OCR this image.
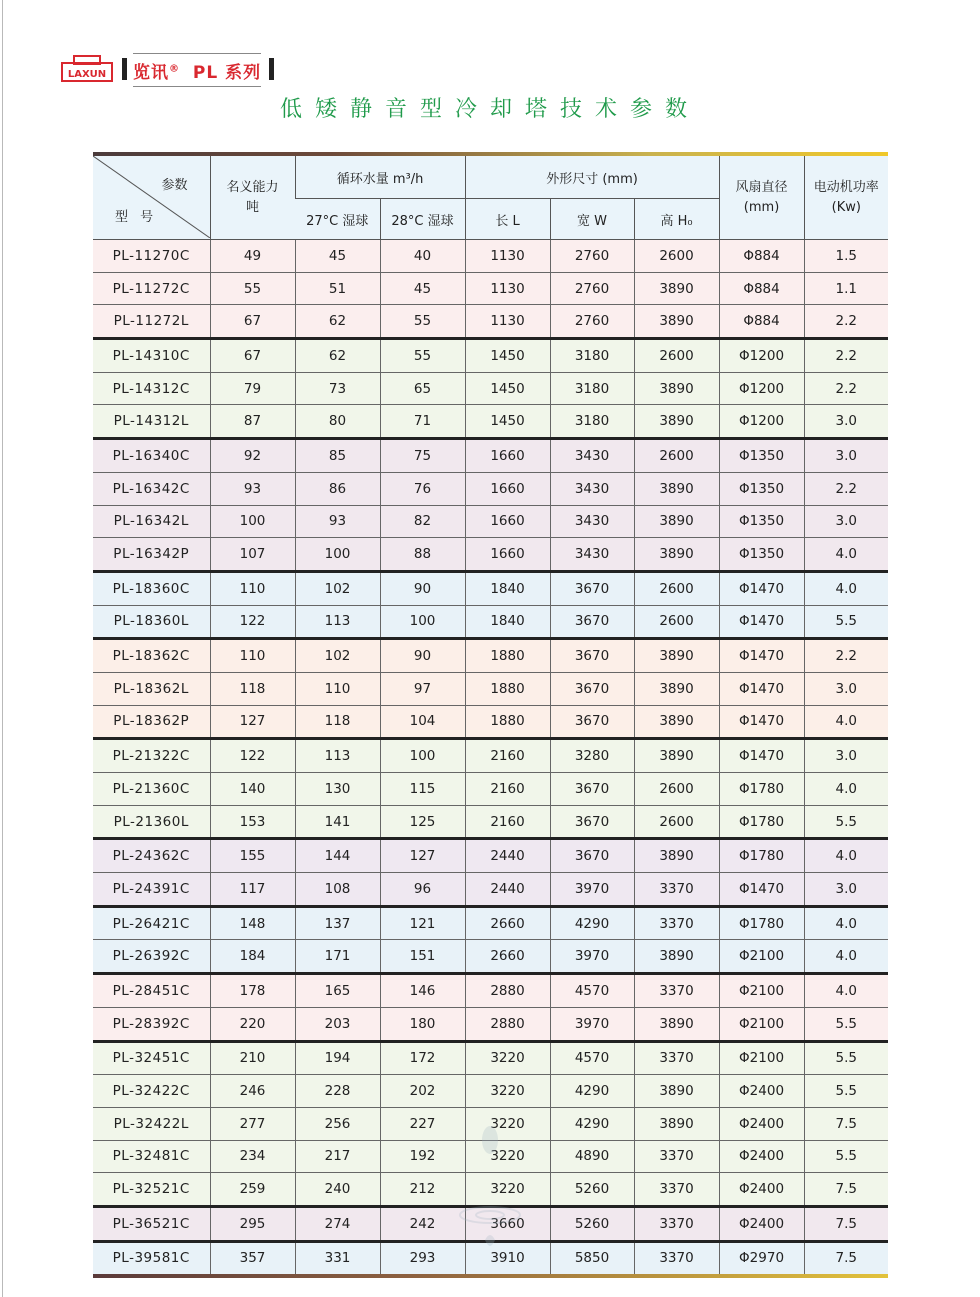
LAXUN 览讯® PL 系列
低矮静音型冷却塔技术参数
参数
型 号	名义能力
吨	循环水量 m³/h		外形尺寸 (mm)			风扇直径
(mm)	电动机功率
(Kw)
		27°C 湿球	28°C 湿球	长 L	宽 W	高 H₀		
PL-11270C	49	45	40	1130	2760	2600	Φ884	1.5
PL-11272C	55	51	45	1130	2760	3890	Φ884	1.1
PL-11272L	67	62	55	1130	2760	3890	Φ884	2.2
PL-14310C	67	62	55	1450	3180	2600	Φ1200	2.2
PL-14312C	79	73	65	1450	3180	3890	Φ1200	2.2
PL-14312L	87	80	71	1450	3180	3890	Φ1200	3.0
PL-16340C	92	85	75	1660	3430	2600	Φ1350	3.0
PL-16342C	93	86	76	1660	3430	3890	Φ1350	2.2
PL-16342L	100	93	82	1660	3430	3890	Φ1350	3.0
PL-16342P	107	100	88	1660	3430	3890	Φ1350	4.0
PL-18360C	110	102	90	1840	3670	2600	Φ1470	4.0
PL-18360L	122	113	100	1840	3670	2600	Φ1470	5.5
PL-18362C	110	102	90	1880	3670	3890	Φ1470	2.2
PL-18362L	118	110	97	1880	3670	3890	Φ1470	3.0
PL-18362P	127	118	104	1880	3670	3890	Φ1470	4.0
PL-21322C	122	113	100	2160	3280	3890	Φ1470	3.0
PL-21360C	140	130	115	2160	3670	2600	Φ1780	4.0
PL-21360L	153	141	125	2160	3670	2600	Φ1780	5.5
PL-24362C	155	144	127	2440	3670	3890	Φ1780	4.0
PL-24391C	117	108	96	2440	3970	3370	Φ1470	3.0
PL-26421C	148	137	121	2660	4290	3370	Φ1780	4.0
PL-26392C	184	171	151	2660	3970	3890	Φ2100	4.0
PL-28451C	178	165	146	2880	4570	3370	Φ2100	4.0
PL-28392C	220	203	180	2880	3970	3890	Φ2100	5.5
PL-32451C	210	194	172	3220	4570	3370	Φ2100	5.5
PL-32422C	246	228	202	3220	4290	3890	Φ2400	5.5
PL-32422L	277	256	227	3220	4290	3890	Φ2400	7.5
PL-32481C	234	217	192	3220	4890	3370	Φ2400	5.5
PL-32521C	259	240	212	3220	5260	3370	Φ2400	7.5
PL-36521C	295	274	242	3660	5260	3370	Φ2400	7.5
PL-39581C	357	331	293	3910	5850	3370	Φ2970	7.5
